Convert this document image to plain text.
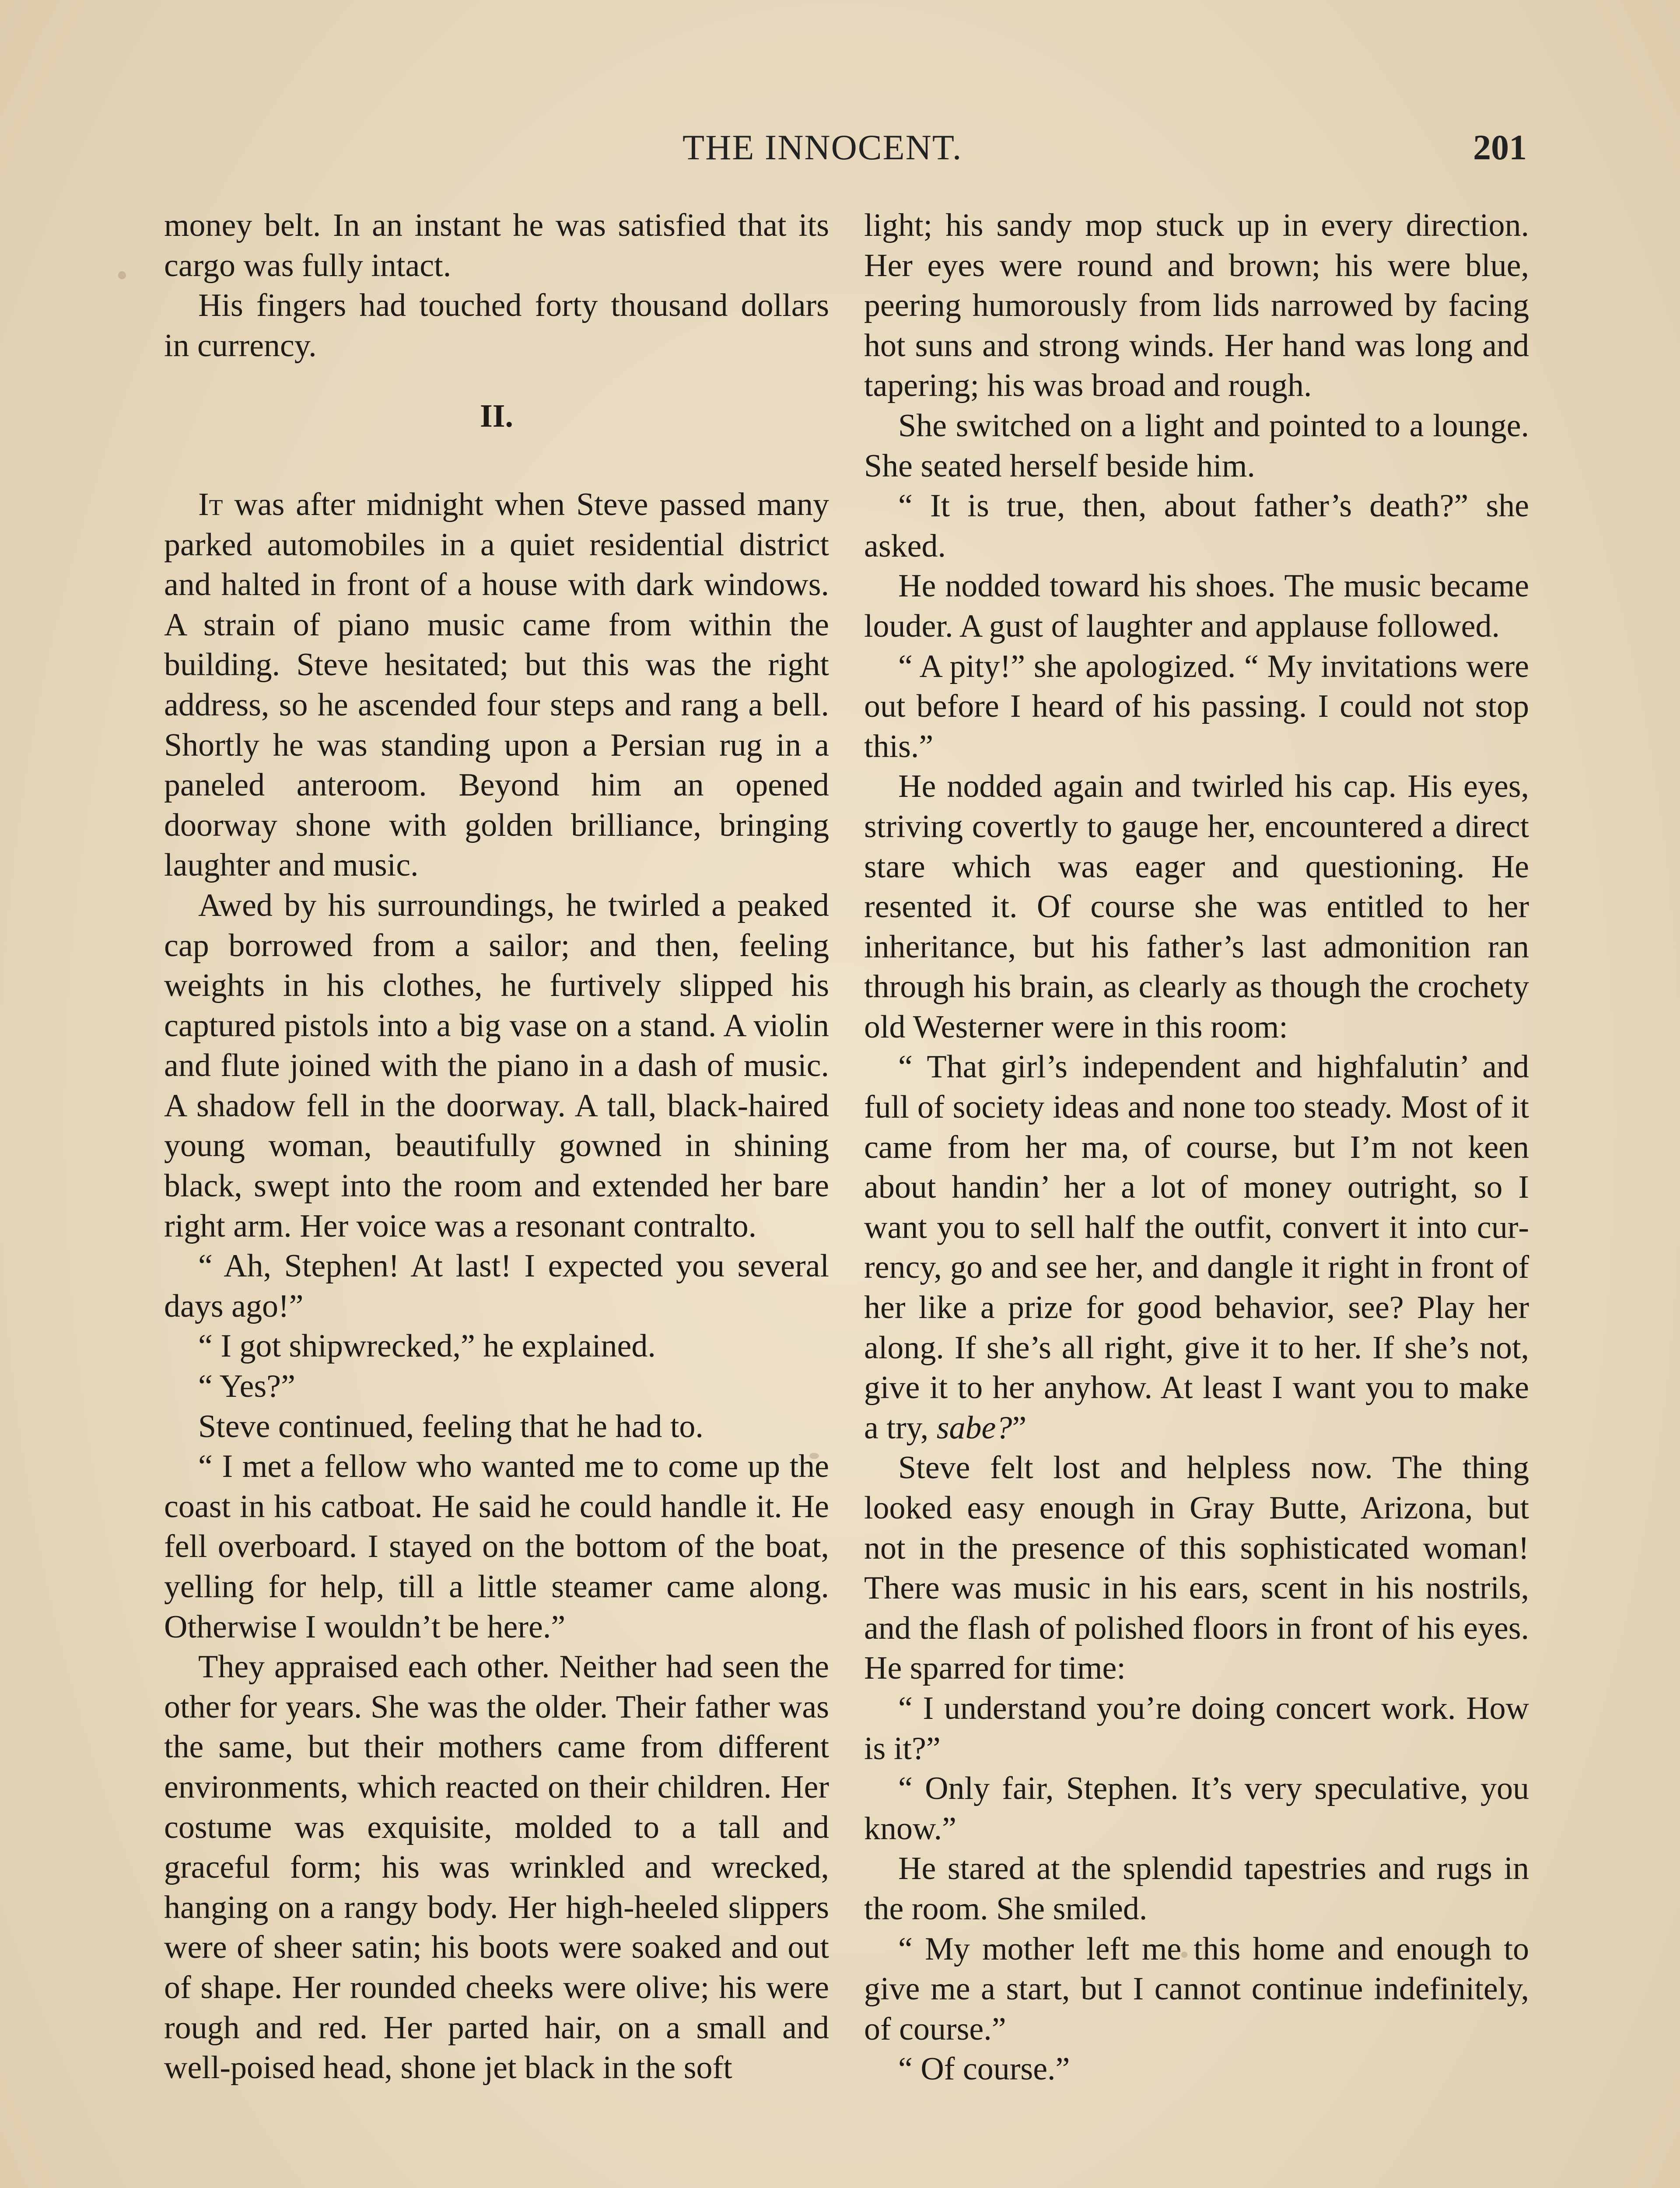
THE INNOCENT.	201

money belt. In an instant he was satisfied that its cargo was fully intact.

His fingers had touched forty thousand dollars in currency.

II.

It was after midnight when Steve passed many parked automobiles in a quiet residential district and halted in front of a house with dark windows. A strain of piano music came from within the building. Steve hesitated; but this was the right address, so he ascended four steps and rang a bell. Shortly he was standing upon a Persian rug in a paneled anteroom. Beyond him an opened doorway shone with golden brilliance, bringing laughter and music.

Awed by his surroundings, he twirled a peaked cap borrowed from a sailor; and then, feeling weights in his clothes, he furtively slipped his captured pistols into a big vase on a stand. A violin and flute joined with the piano in a dash of music. A shadow fell in the doorway. A tall, black-haired young woman, beautifully gowned in shining black, swept into the room and extended her bare right arm. Her voice was a resonant contralto.

“ Ah, Stephen! At last! I expected you several days ago!”

“ I got shipwrecked,” he explained.

“ Yes?”

Steve continued, feeling that he had to.

“ I met a fellow who wanted me to come up the coast in his catboat. He said he could handle it. He fell overboard. I stayed on the bottom of the boat, yelling for help, till a little steamer came along. Otherwise I wouldn’t be here.”

They appraised each other. Neither had seen the other for years. She was the older. Their father was the same, but their mothers came from different environments, which reacted on their children. Her costume was exquisite, molded to a tall and graceful form; his was wrinkled and wrecked, hanging on a rangy body. Her high-heeled slippers were of sheer satin; his boots were soaked and out of shape. Her rounded cheeks were olive; his were rough and red. Her parted hair, on a small and well-poised head, shone jet black in the soft

light; his sandy mop stuck up in every direction. Her eyes were round and brown; his were blue, peering humorously from lids narrowed by facing hot suns and strong winds. Her hand was long and tapering; his was broad and rough.

She switched on a light and pointed to a lounge. She seated herself beside him.

“ It is true, then, about father’s death?” she asked.

He nodded toward his shoes. The music became louder. A gust of laughter and applause followed.

“ A pity!” she apologized. “ My invitations were out before I heard of his passing. I could not stop this.”

He nodded again and twirled his cap. His eyes, striving covertly to gauge her, encountered a direct stare which was eager and questioning. He resented it. Of course she was entitled to her inheritance, but his father’s last admonition ran through his brain, as clearly as though the crochety old Westerner were in this room:

“ That girl’s independent and highfalutin’ and full of society ideas and none too steady. Most of it came from her ma, of course, but I’m not keen about handin’ her a lot of money outright, so I want you to sell half the outfit, convert it into currency, go and see her, and dangle it right in front of her like a prize for good behavior, see? Play her along. If she’s all right, give it to her. If she’s not, give it to her anyhow. At least I want you to make a try, sabe?”

Steve felt lost and helpless now. The thing looked easy enough in Gray Butte, Arizona, but not in the presence of this sophisticated woman! There was music in his ears, scent in his nostrils, and the flash of polished floors in front of his eyes. He sparred for time:

“ I understand you’re doing concert work. How is it?”

“ Only fair, Stephen. It’s very speculative, you know.”

He stared at the splendid tapestries and rugs in the room. She smiled.

“ My mother left me this home and enough to give me a start, but I cannot continue indefinitely, of course.”

“ Of course.”
